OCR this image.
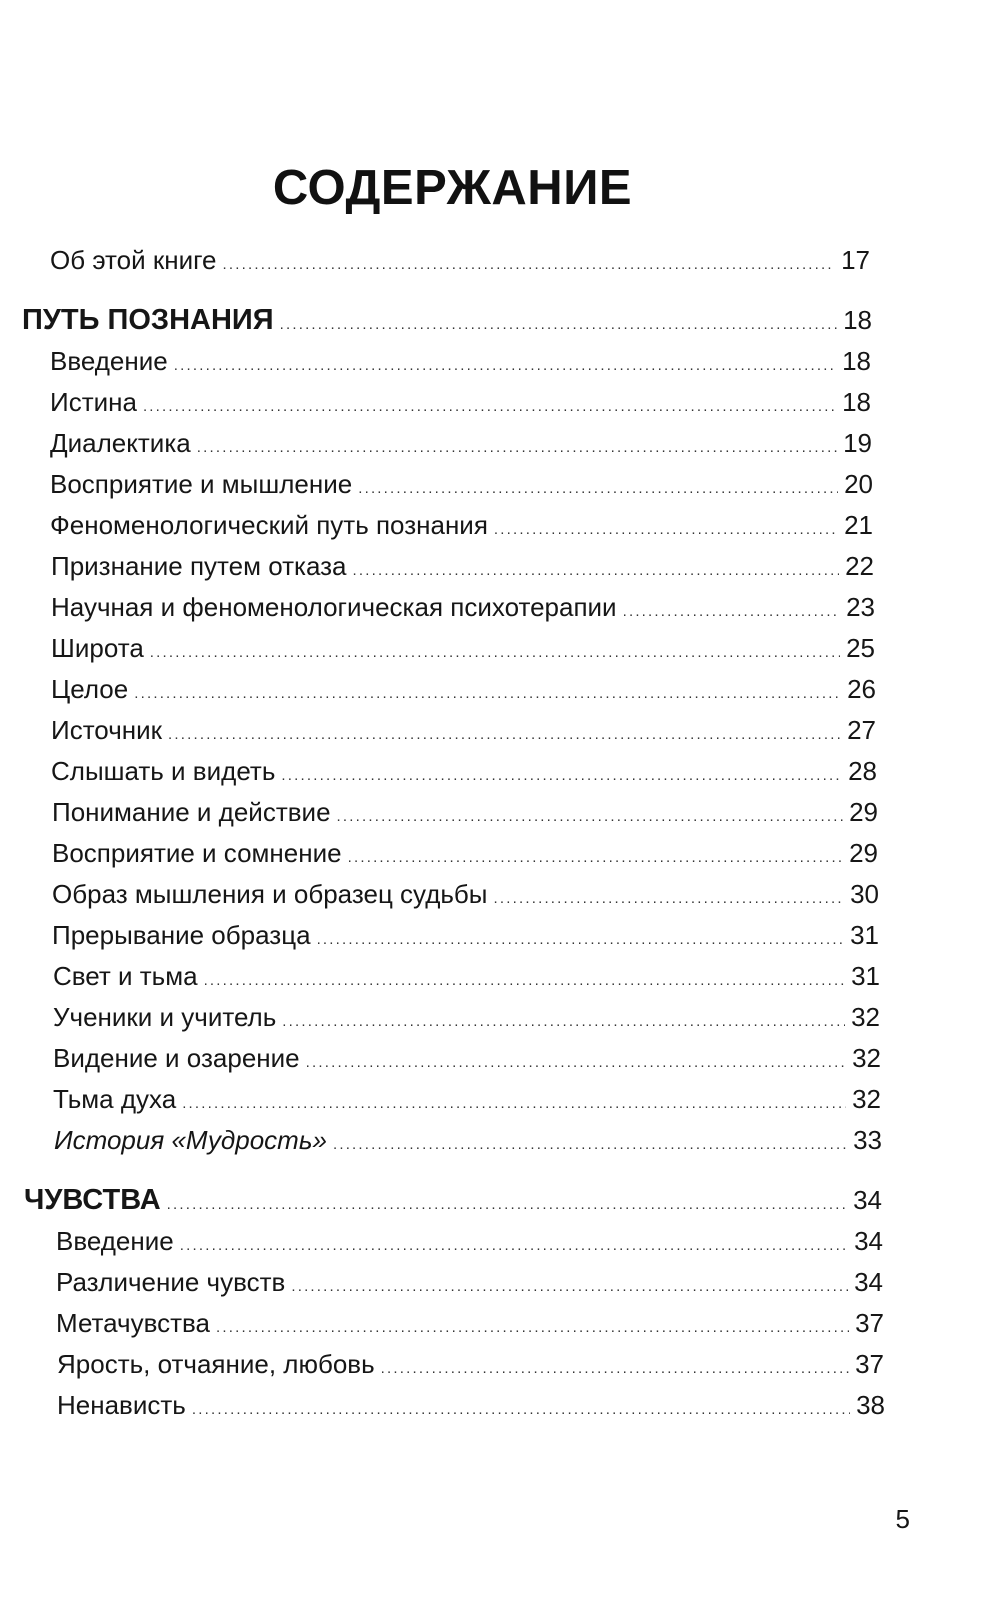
СОДЕРЖАНИЕ
Об этой книге .....	17
ПУТЬ ПОЗНАНИЯ .....	18
Введение .....	18
Истина .....	18
Диалектика .....	19
Восприятие и мышление .....	20
Феноменологический путь познания .....	21
Признание путем отказа .....	22
Научная и феноменологическая психотерапии .....	23
Широта .....	25
Целое .....	26
Источник .....	27
Слышать и видеть .....	28
Понимание и действие .....	29
Восприятие и сомнение .....	29
Образ мышления и образец судьбы .....	30
Прерывание образца .....	31
Свет и тьма .....	31
Ученики и учитель .....	32
Видение и озарение .....	32
Тьма духа .....	32
История «Мудрость» .....	33
ЧУВСТВА .....	34
Введение .....	34
Различение чувств .....	34
Метачувства .....	37
Ярость, отчаяние, любовь .....	37
Ненависть .....	38
5
